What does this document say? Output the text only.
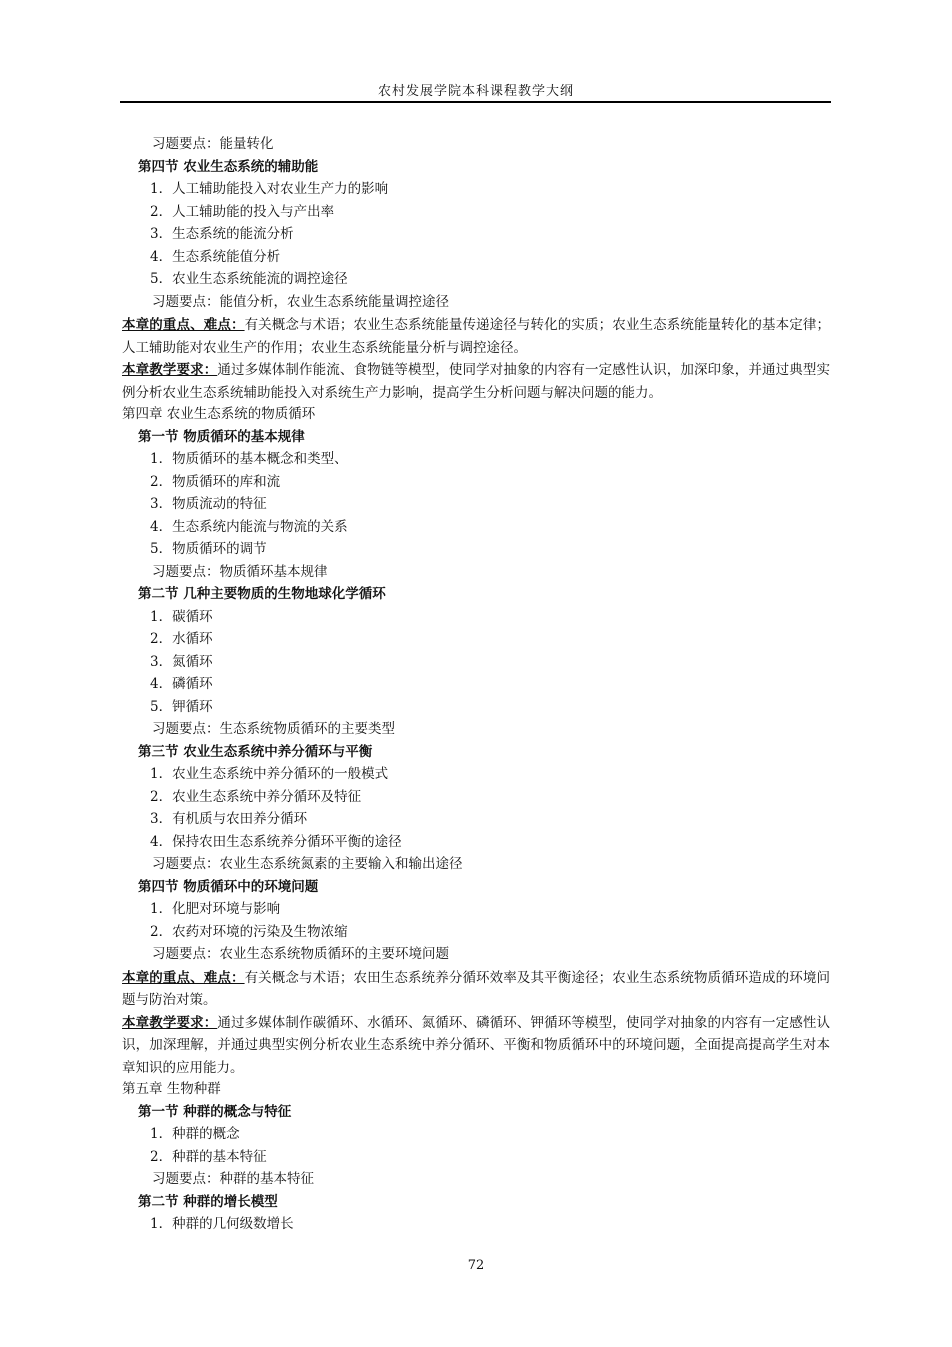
农村发展学院本科课程教学大纲
习题要点：能量转化
第四节 农业生态系统的辅助能
1．人工辅助能投入对农业生产力的影响
2．人工辅助能的投入与产出率
3．生态系统的能流分析
4．生态系统能值分析
5．农业生态系统能流的调控途径
习题要点：能值分析，农业生态系统能量调控途径
本章的重点、难点：有关概念与术语；农业生态系统能量传递途径与转化的实质；农业生态系统能量转化的基本定律；人工辅助能对农业生产的作用；农业生态系统能量分析与调控途径。
本章教学要求：通过多媒体制作能流、食物链等模型，使同学对抽象的内容有一定感性认识，加深印象，并通过典型实例分析农业生态系统辅助能投入对系统生产力影响，提高学生分析问题与解决问题的能力。
第四章 农业生态系统的物质循环
第一节 物质循环的基本规律
1．物质循环的基本概念和类型、
2．物质循环的库和流
3．物质流动的特征
4．生态系统内能流与物流的关系
5．物质循环的调节
习题要点：物质循环基本规律
第二节 几种主要物质的生物地球化学循环
1．碳循环
2．水循环
3．氮循环
4．磷循环
5．钾循环
习题要点：生态系统物质循环的主要类型
第三节 农业生态系统中养分循环与平衡
1．农业生态系统中养分循环的一般模式
2．农业生态系统中养分循环及特征
3．有机质与农田养分循环
4．保持农田生态系统养分循环平衡的途径
习题要点：农业生态系统氮素的主要输入和输出途径
第四节 物质循环中的环境问题
1．化肥对环境与影响
2．农药对环境的污染及生物浓缩
习题要点：农业生态系统物质循环的主要环境问题
本章的重点、难点：有关概念与术语；农田生态系统养分循环效率及其平衡途径；农业生态系统物质循环造成的环境问题与防治对策。
本章教学要求：通过多媒体制作碳循环、水循环、氮循环、磷循环、钾循环等模型，使同学对抽象的内容有一定感性认识，加深理解，并通过典型实例分析农业生态系统中养分循环、平衡和物质循环中的环境问题，全面提高提高学生对本章知识的应用能力。
第五章 生物种群
第一节 种群的概念与特征
1．种群的概念
2．种群的基本特征
习题要点：种群的基本特征
第二节 种群的增长模型
1．种群的几何级数增长
72
